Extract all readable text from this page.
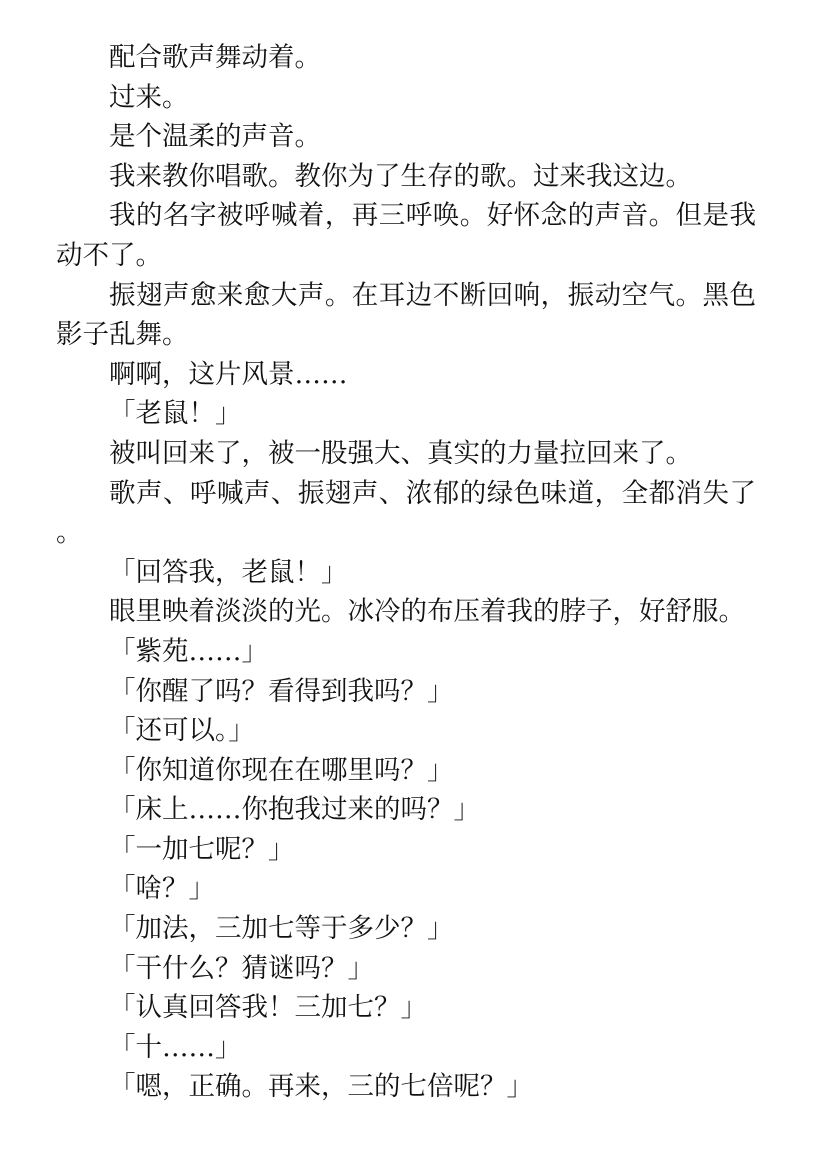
配合歌声舞动着。

过来。

是个温柔的声音。

我来教你唱歌。教你为了生存的歌。过来我这边。

我的名字被呼喊着，再三呼唤。好怀念的声音。但是我动不了。

振翅声愈来愈大声。在耳边不断回响，振动空气。黑色影子乱舞。

啊啊，这片风景……

「老鼠！」

被叫回来了，被一股强大、真实的力量拉回来了。

歌声、呼喊声、振翅声、浓郁的绿色味道，全都消失了。

「回答我，老鼠！」

眼里映着淡淡的光。冰冷的布压着我的脖子，好舒服。

「紫苑……」

「你醒了吗？看得到我吗？」

「还可以。」

「你知道你现在在哪里吗？」

「床上……你抱我过来的吗？」

「一加七呢？」

「啥？」

「加法，三加七等于多少？」

「干什么？猜谜吗？」

「认真回答我！三加七？」

「十……」

「嗯，正确。再来，三的七倍呢？」
